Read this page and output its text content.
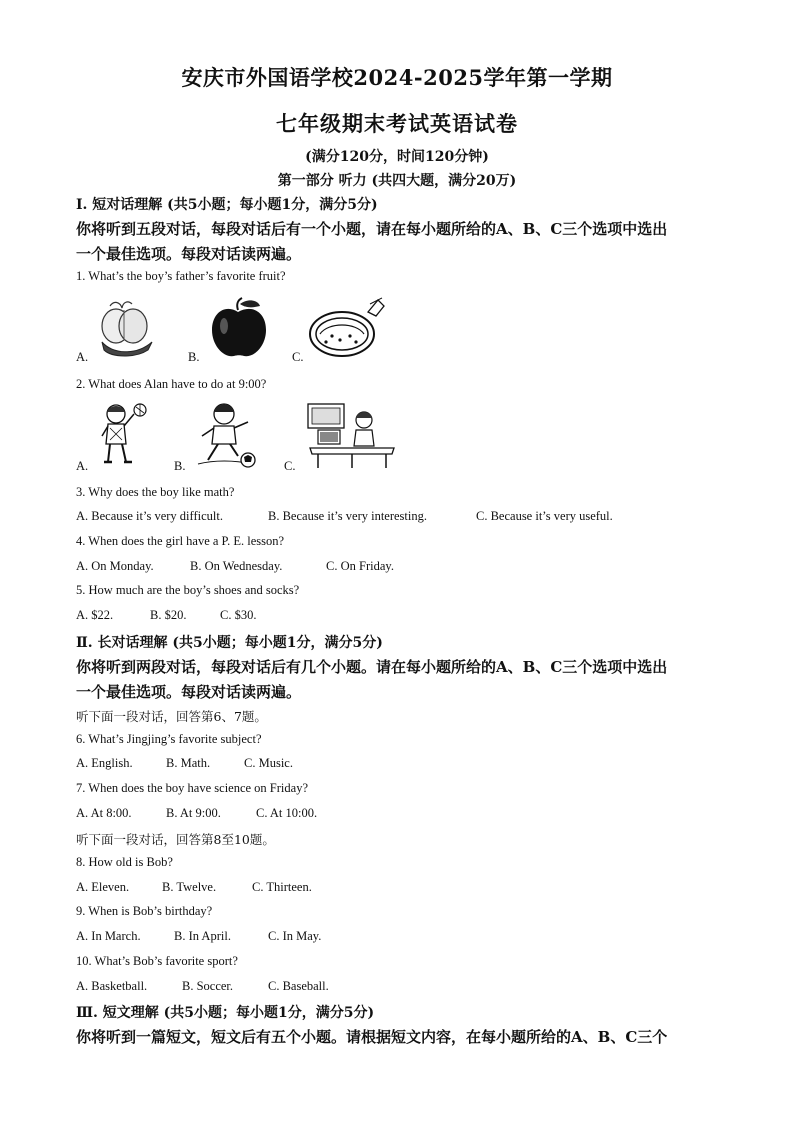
安庆市外国语学校2024-2025学年第一学期
七年级期末考试英语试卷
(满分120分，时间120分钟)
第一部分 听力 (共四大题，满分20万)
I. 短对话理解 (共5小题；每小题1分，满分5分)
你将听到五段对话，每段对话后有一个小题，请在每小题所给的A、B、C三个选项中选出
一个最佳选项。每段对话读两遍。
1. What’s the boy’s father’s favorite fruit?
A.	B.	C.
2. What does Alan have to do at 9:00?
A.	B.	C.
3. Why does the boy like math?
A. Because it’s very difficult.	B. Because it’s very interesting.	C. Because it’s very useful.
4. When does the girl have a P. E. lesson?
A. On Monday.	B. On Wednesday.	C. On Friday.
5. How much are the boy’s shoes and socks?
A. $22.	B. $20.	C. $30.
Ⅱ. 长对话理解 (共5小题；每小题1分，满分5分)
你将听到两段对话，每段对话后有几个小题。请在每小题所给的A、B、C三个选项中选出
一个最佳选项。每段对话读两遍。
听下面一段对话，回答第6、7题。
6. What’s Jingjing’s favorite subject?
A. English.	B. Math.	C. Music.
7. When does the boy have science on Friday?
A. At 8:00.	B. At 9:00.	C. At 10:00.
听下面一段对话，回答第8至10题。
8. How old is Bob?
A. Eleven.	B. Twelve.	C. Thirteen.
9. When is Bob’s birthday?
A. In March.	B. In April.	C. In May.
10. What’s Bob’s favorite sport?
A. Basketball.	B. Soccer.	C. Baseball.
Ⅲ. 短文理解 (共5小题；每小题1分，满分5分)
你将听到一篇短文，短文后有五个小题。请根据短文内容，在每小题所给的A、B、C三个
